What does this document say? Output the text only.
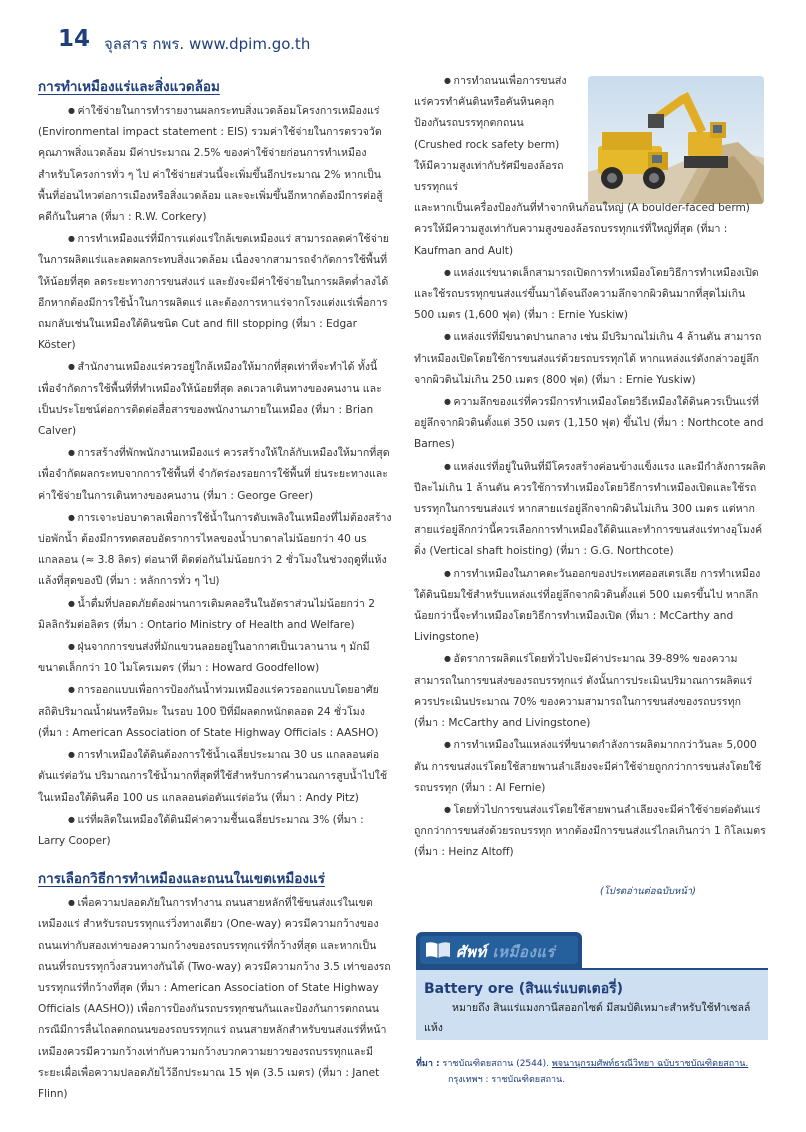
14 จุลสาร กพร. www.dpim.go.th
การทำเหมืองแร่และสิ่งแวดล้อม

● ค่าใช้จ่ายในการทำรายงานผลกระทบสิ่งแวดล้อมโครงการเหมืองแร่ (Environmental impact statement : EIS) รวมค่าใช้จ่ายในการตรวจวัดคุณภาพสิ่งแวดล้อม มีค่าประมาณ 2.5% ของค่าใช้จ่ายก่อนการทำเหมืองสำหรับโครงการทั่ว ๆ ไป ค่าใช้จ่ายส่วนนี้จะเพิ่มขึ้นอีกประมาณ 2% หากเป็นพื้นที่อ่อนไหวต่อการเมืองหรือสิ่งแวดล้อม และจะเพิ่มขึ้นอีกหากต้องมีการต่อสู้คดีกันในศาล (ที่มา : R.W. Corkery)

● การทำเหมืองแร่ที่มีการแต่งแร่ใกล้เขตเหมืองแร่ สามารถลดค่าใช้จ่ายในการผลิตแร่และลดผลกระทบสิ่งแวดล้อม เนื่องจากสามารถจำกัดการใช้พื้นที่ให้น้อยที่สุด ลดระยะทางการขนส่งแร่ และยังจะมีค่าใช้จ่ายในการผลิตต่ำลงได้อีกหากต้องมีการใช้น้ำในการผลิตแร่ และต้องการหาแร่จากโรงแต่งแร่เพื่อการถมกลับเช่นในเหมืองใต้ดินชนิด Cut and fill stopping (ที่มา : Edgar Köster)

● สำนักงานเหมืองแร่ควรอยู่ใกล้เหมืองให้มากที่สุดเท่าที่จะทำได้ ทั้งนี้เพื่อจำกัดการใช้พื้นที่ที่ทำเหมืองให้น้อยที่สุด ลดเวลาเดินทางของคนงาน และเป็นประโยชน์ต่อการติดต่อสื่อสารของพนักงานภายในเหมือง (ที่มา : Brian Calver)

● การสร้างที่พักพนักงานเหมืองแร่ ควรสร้างให้ใกล้กับเหมืองให้มากที่สุดเพื่อจำกัดผลกระทบจากการใช้พื้นที่ จำกัดร่องรอยการใช้พื้นที่ ย่นระยะทางและค่าใช้จ่ายในการเดินทางของคนงาน (ที่มา : George Greer)

● การเจาะบ่อบาดาลเพื่อการใช้น้ำในการดับเพลิงในเหมืองที่ไม่ต้องสร้างบ่อพักน้ำ ต้องมีการทดสอบอัตราการไหลของน้ำบาดาลไม่น้อยกว่า 40 us แกลลอน (≈ 3.8 ลิตร) ต่อนาที ติดต่อกันไม่น้อยกว่า 2 ชั่วโมงในช่วงฤดูที่แห้งแล้งที่สุดของปี (ที่มา : หลักการทั่ว ๆ ไป)

● น้ำดื่มที่ปลอดภัยต้องผ่านการเติมคลอรีนในอัตราส่วนไม่น้อยกว่า 2 มิลลิกรัมต่อลิตร (ที่มา : Ontario Ministry of Health and Welfare)

● ฝุ่นจากการขนส่งที่มักแขวนลอยอยู่ในอากาศเป็นเวลานาน ๆ มักมีขนาดเล็กกว่า 10 ไมโครเมตร (ที่มา : Howard Goodfellow)

● การออกแบบเพื่อการป้องกันน้ำท่วมเหมืองแร่ควรออกแบบโดยอาศัยสถิติปริมาณน้ำฝนหรือหิมะ ในรอบ 100 ปีที่มีผลตกหนักตลอด 24 ชั่วโมง (ที่มา : American Association of State Highway Officials : AASHO)

● การทำเหมืองใต้ดินต้องการใช้น้ำเฉลี่ยประมาณ 30 us แกลลอนต่อตันแร่ต่อวัน ปริมาณการใช้น้ำมากที่สุดที่ใช้สำหรับการคำนวณการสูบน้ำไปใช้ในเหมืองใต้ดินคือ 100 us แกลลอนต่อตันแร่ต่อวัน (ที่มา : Andy Pitz)

● แร่ที่ผลิตในเหมืองใต้ดินมีค่าความชื้นเฉลี่ยประมาณ 3% (ที่มา : Larry Cooper)

การเลือกวิธีการทำเหมืองและถนนในเขตเหมืองแร่

● เพื่อความปลอดภัยในการทำงาน ถนนสายหลักที่ใช้ขนส่งแร่ในเขตเหมืองแร่ สำหรับรถบรรทุกแร่วิ่งทางเดียว (One-way) ควรมีความกว้างของถนนเท่ากับสองเท่าของความกว้างของรถบรรทุกแร่ที่กว้างที่สุด และหากเป็นถนนที่รถบรรทุกวิ่งสวนทางกันได้ (Two-way) ควรมีความกว้าง 3.5 เท่าของรถบรรทุกแร่ที่กว้างที่สุด (ที่มา : American Association of State Highway Officials (AASHO)) เพื่อการป้องกันรถบรรทุกชนกันและป้องกันการตกถนนกรณีมีการลื่นไถลตกถนนของรถบรรทุกแร่ ถนนสายหลักสำหรับขนส่งแร่ที่หน้าเหมืองควรมีความกว้างเท่ากับความกว้างบวกความยาวของรถบรรทุกและมีระยะเผื่อเพื่อความปลอดภัยไว้อีกประมาณ 15 ฟุต (3.5 เมตร) (ที่มา : Janet Flinn)

● การทำถนนเพื่อการขนส่งแร่ควรทำคันดินหรือคันหินคลุกป้องกันรถบรรทุกตกถนน (Crushed rock safety berm) ให้มีความสูงเท่ากับรัศมีของล้อรถบรรทุกแร่

และหากเป็นเครื่องป้องกันที่ทำจากหินก้อนใหญ่ (A boulder-faced berm) ควรให้มีความสูงเท่ากับความสูงของล้อรถบรรทุกแร่ที่ใหญ่ที่สุด (ที่มา : Kaufman and Ault)

● แหล่งแร่ขนาดเล็กสามารถเปิดการทำเหมืองโดยวิธีการทำเหมืองเปิดและใช้รถบรรทุกขนส่งแร่ขึ้นมาได้จนถึงความลึกจากผิวดินมากที่สุดไม่เกิน 500 เมตร (1,600 ฟุต) (ที่มา : Ernie Yuskiw)

● แหล่งแร่ที่มีขนาดปานกลาง เช่น มีปริมาณไม่เกิน 4 ล้านตัน สามารถทำเหมืองเปิดโดยใช้การขนส่งแร่ด้วยรถบรรทุกได้ หากแหล่งแร่ดังกล่าวอยู่ลึกจากผิวดินไม่เกิน 250 เมตร (800 ฟุต) (ที่มา : Ernie Yuskiw)

● ความลึกของแร่ที่ควรมีการทำเหมืองโดยวิธีเหมืองใต้ดินควรเป็นแร่ที่อยู่ลึกจากผิวดินตั้งแต่ 350 เมตร (1,150 ฟุต) ขึ้นไป (ที่มา : Northcote and Barnes)

● แหล่งแร่ที่อยู่ในหินที่มีโครงสร้างค่อนข้างแข็งแรง และมีกำลังการผลิตปีละไม่เกิน 1 ล้านตัน ควรใช้การทำเหมืองโดยวิธีการทำเหมืองเปิดและใช้รถบรรทุกในการขนส่งแร่ หากสายแร่อยู่ลึกจากผิวดินไม่เกิน 300 เมตร แต่หากสายแร่อยู่ลึกกว่านี้ควรเลือกการทำเหมืองใต้ดินและทำการขนส่งแร่ทางอุโมงค์ดิ่ง (Vertical shaft hoisting) (ที่มา : G.G. Northcote)

● การทำเหมืองในภาคตะวันออกของประเทศออสเตรเลีย การทำเหมืองใต้ดินนิยมใช้สำหรับแหล่งแร่ที่อยู่ลึกจากผิวดินตั้งแต่ 500 เมตรขึ้นไป หากลึกน้อยกว่านี้จะทำเหมืองโดยวิธีการทำเหมืองเปิด (ที่มา : McCarthy and Livingstone)

● อัตราการผลิตแร่โดยทั่วไปจะมีค่าประมาณ 39-89% ของความสามารถในการขนส่งของรถบรรทุกแร่ ดังนั้นการประเมินปริมาณการผลิตแร่ควรประเมินประมาณ 70% ของความสามารถในการขนส่งของรถบรรทุก (ที่มา : McCarthy and Livingstone)

● การทำเหมืองในแหล่งแร่ที่ขนาดกำลังการผลิตมากกว่าวันละ 5,000 ตัน การขนส่งแร่โดยใช้สายพานลำเลียงจะมีค่าใช้จ่ายถูกกว่าการขนส่งโดยใช้รถบรรทุก (ที่มา : Al Fernie)

● โดยทั่วไปการขนส่งแร่โดยใช้สายพานลำเลียงจะมีค่าใช้จ่ายต่อตันแร่ถูกกว่าการขนส่งด้วยรถบรรทุก หากต้องมีการขนส่งแร่ไกลเกินกว่า 1 กิโลเมตร (ที่มา : Heinz Altoff)

(โปรดอ่านต่อฉบับหน้า)
ศัพท์ เหมืองแร่
Battery ore (สินแร่แบตเตอรี่)
หมายถึง สินแร่แมงกานีสออกไซด์ มีสมบัติเหมาะสำหรับใช้ทำเซลล์แห้ง
ที่มา : ราชบัณฑิตยสถาน (2544). พจนานุกรมศัพท์ธรณีวิทยา ฉบับราชบัณฑิตยสถาน.
กรุงเทพฯ : ราชบัณฑิตยสถาน.
